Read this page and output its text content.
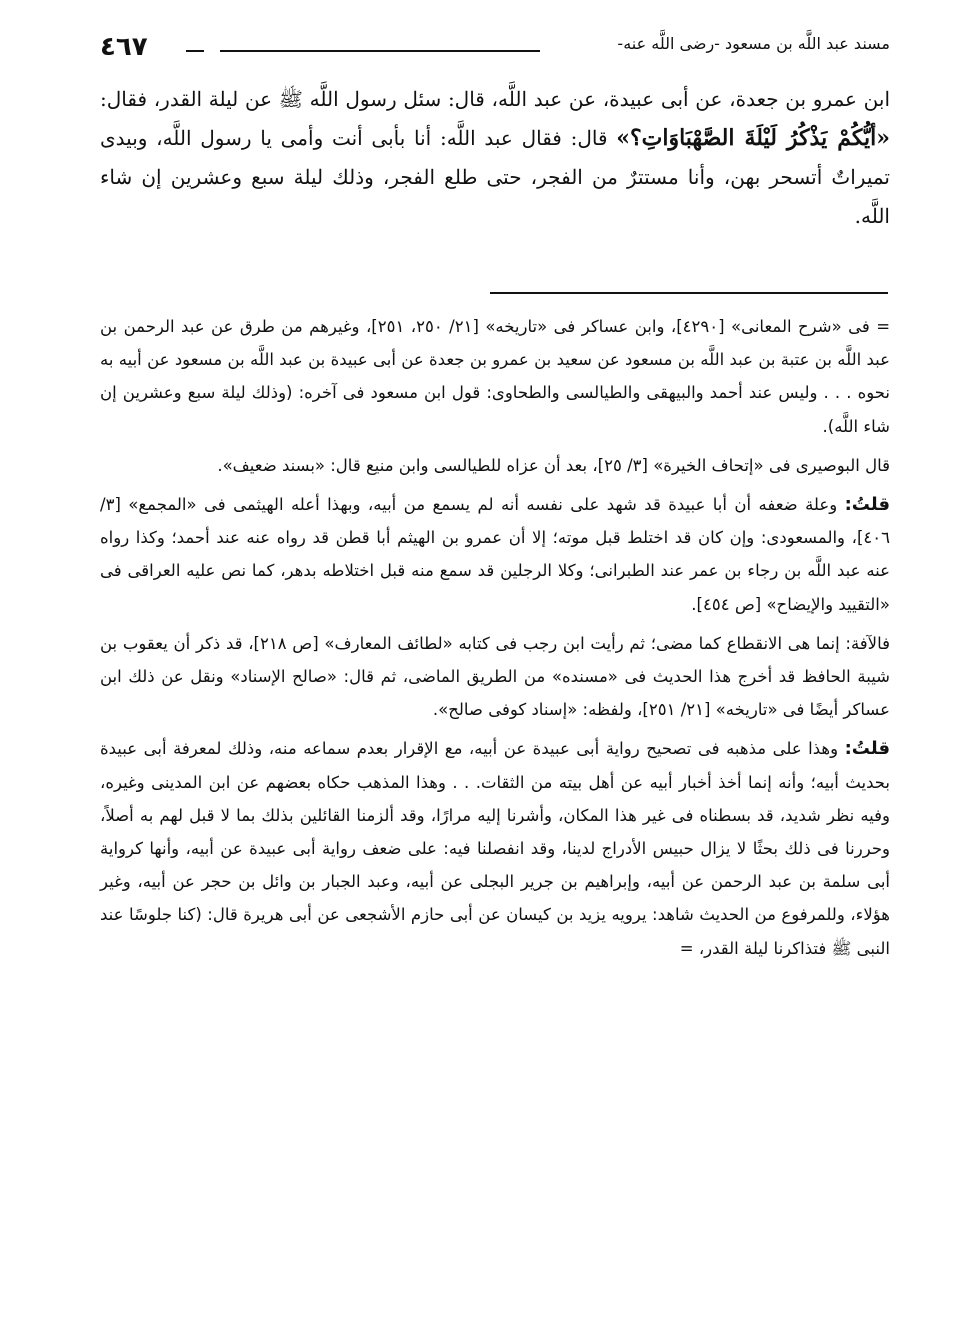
مسند عبد اللَّه بن مسعود -رضى اللَّه عنه-
٤٦٧

ابن عمرو بن جعدة، عن أبى عبيدة، عن عبد اللَّه، قال: سئل رسول اللَّه ﷺ عن ليلة القدر، فقال: «أيُّكُمْ يَذْكُرُ لَيْلَةَ الصَّهْبَاوَاتِ؟» قال: فقال عبد اللَّه: أنا بأبى أنت وأمى يا رسول اللَّه، وبيدى تميراتٌ أتسحر بهن، وأنا مستترٌ من الفجر، حتى طلع الفجر، وذلك ليلة سبع وعشرين إن شاء اللَّه.

= فى «شرح المعانى» [٤٢٩٠]، وابن عساكر فى «تاريخه» [٢١/ ٢٥٠، ٢٥١]، وغيرهم من طرق عن عبد الرحمن بن عبد اللَّه بن عتبة بن عبد اللَّه بن مسعود عن سعيد بن عمرو بن جعدة عن أبى عبيدة بن عبد اللَّه بن مسعود عن أبيه به نحوه . . . وليس عند أحمد والبيهقى والطيالسى والطحاوى: قول ابن مسعود فى آخره: (وذلك ليلة سبع وعشرين إن شاء اللَّه).

قال البوصيرى فى «إتحاف الخيرة» [٣/ ٢٥]، بعد أن عزاه للطيالسى وابن منيع قال: «بسند ضعيف».

قلتُ: وعلة ضعفه أن أبا عبيدة قد شهد على نفسه أنه لم يسمع من أبيه، وبهذا أعله الهيثمى فى «المجمع» [٣/ ٤٠٦]، والمسعودى: وإن كان قد اختلط قبل موته؛ إلا أن عمرو بن الهيثم أبا قطن قد رواه عنه عند أحمد؛ وكذا رواه عنه عبد اللَّه بن رجاء بن عمر عند الطبرانى؛ وكلا الرجلين قد سمع منه قبل اختلاطه بدهر، كما نص عليه العراقى فى «التقييد والإيضاح» [ص ٤٥٤].

فالآفة: إنما هى الانقطاع كما مضى؛ ثم رأيت ابن رجب فى كتابه «لطائف المعارف» [ص ٢١٨]، قد ذكر أن يعقوب بن شيبة الحافظ قد أخرج هذا الحديث فى «مسنده» من الطريق الماضى، ثم قال: «صالح الإسناد» ونقل عن ذلك ابن عساكر أيضًا فى «تاريخه» [٢١/ ٢٥١]، ولفظه: «إسناد كوفى صالح».

قلتُ: وهذا على مذهبه فى تصحيح رواية أبى عبيدة عن أبيه، مع الإقرار بعدم سماعه منه، وذلك لمعرفة أبى عبيدة بحديث أبيه؛ وأنه إنما أخذ أخبار أبيه عن أهل بيته من الثقات. . . وهذا المذهب حكاه بعضهم عن ابن المدينى وغيره، وفيه نظر شديد، قد بسطناه فى غير هذا المكان، وأشرنا إليه مرارًا، وقد ألزمنا القائلين بذلك بما لا قبل لهم به أصلاً، وحررنا فى ذلك بحثًا لا يزال حبيس الأدراج لدينا، وقد انفصلنا فيه: على ضعف رواية أبى عبيدة عن أبيه، وأنها كرواية أبى سلمة بن عبد الرحمن عن أبيه، وإبراهيم بن جرير البجلى عن أبيه، وعبد الجبار بن وائل بن حجر عن أبيه، وغير هؤلاء، وللمرفوع من الحديث شاهد: يرويه يزيد بن كيسان عن أبى حازم الأشجعى عن أبى هريرة قال: (كنا جلوسًا عند النبى ﷺ فتذاكرنا ليلة القدر، =
